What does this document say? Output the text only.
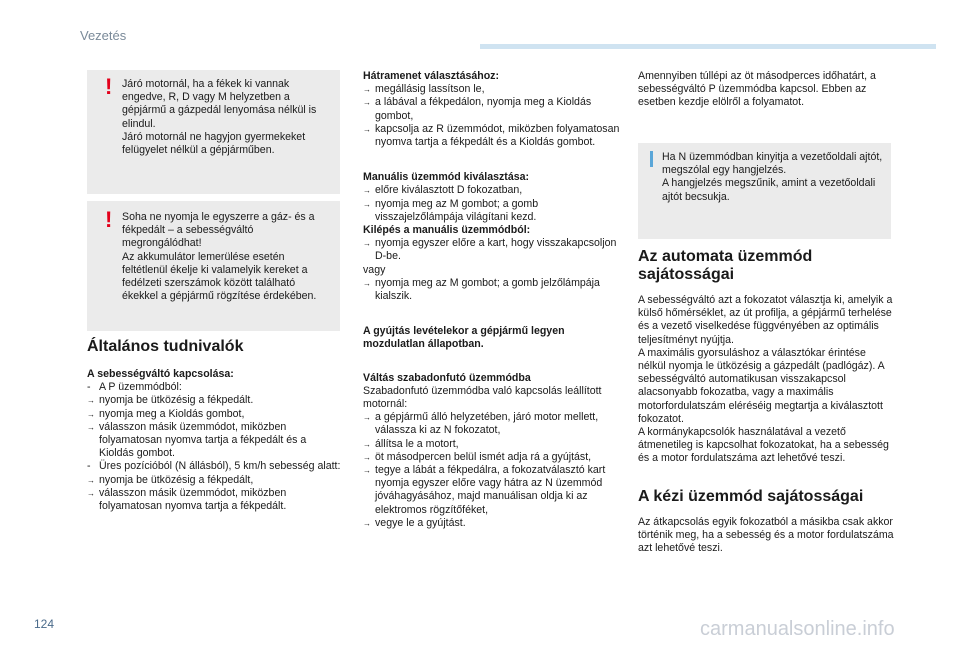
Vezetés
! Járó motornál, ha a fékek ki vannak engedve, R, D vagy M helyzetben a gépjármű a gázpedál lenyomása nélkül is elindul.
Járó motornál ne hagyjon gyermekeket felügyelet nélkül a gépjárműben.

! Soha ne nyomja le egyszerre a gáz- és a fékpedált – a sebességváltó megrongálódhat!
Az akkumulátor lemerülése esetén feltétlenül ékelje ki valamelyik kereket a fedélzeti szerszámok között található ékekkel a gépjármű rögzítése érdekében.

Általános tudnivalók

A sebességváltó kapcsolása:

- A P üzemmódból:

→ nyomja be ütközésig a fékpedált.
→ nyomja meg a Kioldás gombot,
→ válasszon másik üzemmódot, miközben folyamatosan nyomva tartja a fékpedált és a Kioldás gombot.

- Üres pozícióból (N állásból), 5 km/h sebesség alatt:

→ nyomja be ütközésig a fékpedált,
→ válasszon másik üzemmódot, miközben folyamatosan nyomva tartja a fékpedált.

Hátramenet választásához:

→ megállásig lassítson le,
→ a lábával a fékpedálon, nyomja meg a Kioldás gombot,
→ kapcsolja az R üzemmódot, miközben folyamatosan nyomva tartja a fékpedált és a Kioldás gombot.

Manuális üzemmód kiválasztása:

→ előre kiválasztott D fokozatban,
→ nyomja meg az M gombot; a gomb visszajelzőlámpája világítani kezd.

Kilépés a manuális üzemmódból:

→ nyomja egyszer előre a kart, hogy visszakapcsoljon D-be.

vagy

→ nyomja meg az M gombot; a gomb jelzőlámpája kialszik.

A gyújtás levételekor a gépjármű legyen mozdulatlan állapotban.

Váltás szabadonfutó üzemmódba

Szabadonfutó üzemmódba való kapcsolás leállított motornál:

→ a gépjármű álló helyzetében, járó motor mellett, válassza ki az N fokozatot,
→ állítsa le a motort,
→ öt másodpercen belül ismét adja rá a gyújtást,
→ tegye a lábát a fékpedálra, a fokozatválasztó kart nyomja egyszer előre vagy hátra az N üzemmód jóváhagyásához, majd manuálisan oldja ki az elektromos rögzítőféket,
→ vegye le a gyújtást.

Amennyiben túllépi az öt másodperces időhatárt, a sebességváltó P üzemmódba kapcsol. Ebben az esetben kezdje elölről a folyamatot.

Ha N üzemmódban kinyitja a vezetőoldali ajtót, megszólal egy hangjelzés.
A hangjelzés megszűnik, amint a vezetőoldali ajtót becsukja.

Az automata üzemmód sajátosságai

A sebességváltó azt a fokozatot választja ki, amelyik a külső hőmérséklet, az út profilja, a gépjármű terhelése és a vezető viselkedése függvényében az optimális teljesítményt nyújtja.
A maximális gyorsuláshoz a választókar érintése nélkül nyomja le ütközésig a gázpedált (padlógáz). A sebességváltó automatikusan visszakapcsol alacsonyabb fokozatba, vagy a maximális motorfordulatszám eléréséig megtartja a kiválasztott fokozatot.
A kormánykapcsolók használatával a vezető átmenetileg is kapcsolhat fokozatokat, ha a sebesség és a motor fordulatszáma azt lehetővé teszi.

A kézi üzemmód sajátosságai

Az átkapcsolás egyik fokozatból a másikba csak akkor történik meg, ha a sebesség és a motor fordulatszáma azt lehetővé teszi.

124	carmanualsonline.info
